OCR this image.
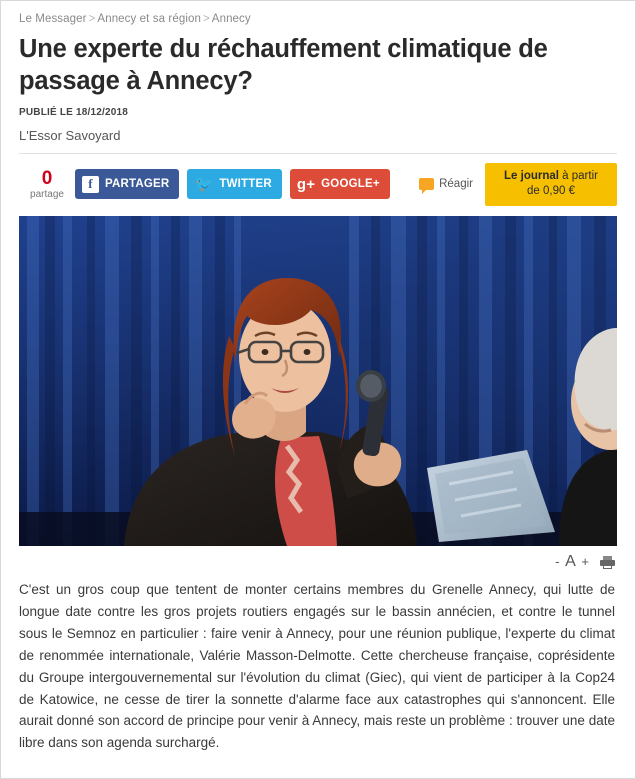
Le Messager > Annecy et sa région > Annecy
Une experte du réchauffement climatique de passage à Annecy?
PUBLIÉ LE 18/12/2018
L'Essor Savoyard
0
partage
f	PARTAGER 🐦 TWITTER g+ GOOGLE+	Réagir
Le journal à partir
de 0,90 €
- A +

C'est un gros coup que tentent de monter certains membres du Grenelle Annecy, qui lutte de longue date contre les gros projets routiers engagés sur le bassin annécien, et contre le tunnel sous le Semnoz en particulier : faire venir à Annecy, pour une réunion publique, l'experte du climat de renommée internationale, Valérie Masson-Delmotte. Cette chercheuse française, coprésidente du Groupe intergouvernemental sur l'évolution du climat (Giec), qui vient de participer à la Cop24 de Katowice, ne cesse de tirer la sonnette d'alarme face aux catastrophes qui s'annoncent. Elle aurait donné son accord de principe pour venir à Annecy, mais reste un problème : trouver une date libre dans son agenda surchargé.
